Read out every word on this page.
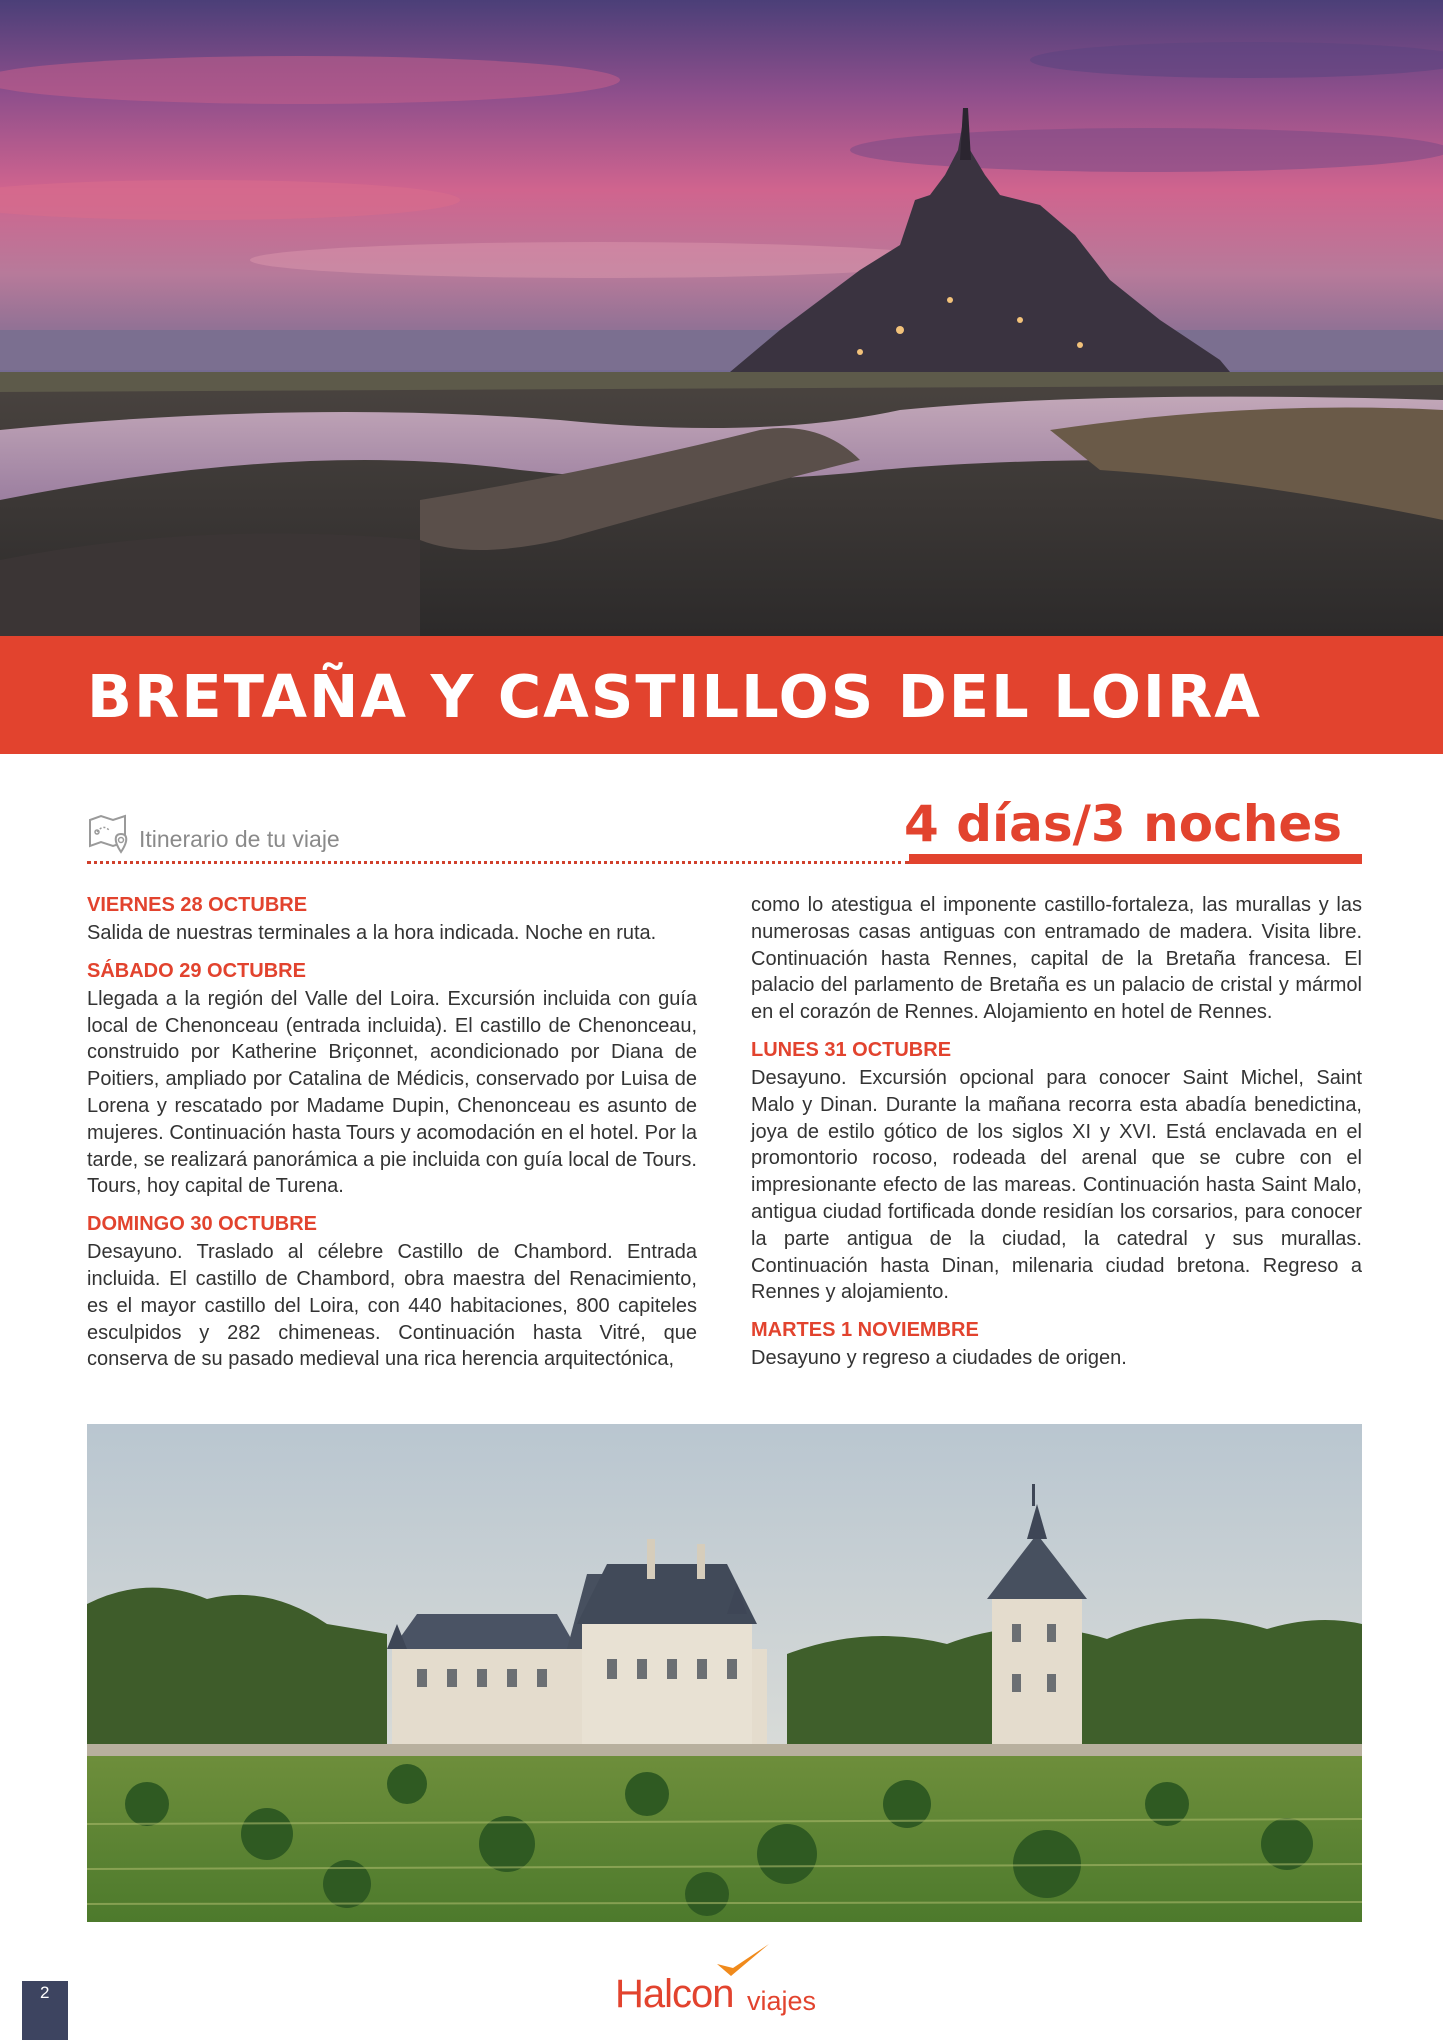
BRETAÑA Y CASTILLOS DEL LOIRA
Itinerario de tu viaje	4 días/3 noches
VIERNES 28 OCTUBRE

Salida de nuestras terminales a la hora indicada. Noche en ruta.

SÁBADO 29 OCTUBRE

Llegada a la región del Valle del Loira. Excursión incluida con guía local de Chenonceau (entrada incluida). El castillo de Chenonceau, construido por Katherine Briçonnet, acondicionado por Diana de Poitiers, ampliado por Catalina de Médicis, conservado por Luisa de Lorena y rescatado por Madame Dupin, Chenonceau es asunto de mujeres. Continuación hasta Tours y acomodación en el hotel. Por la tarde, se realizará panorámica a pie incluida con guía local de Tours. Tours, hoy capital de Turena.

DOMINGO 30 OCTUBRE

Desayuno. Traslado al célebre Castillo de Chambord. Entrada incluida. El castillo de Chambord, obra maestra del Renacimiento, es el mayor castillo del Loira, con 440 habitaciones, 800 capiteles esculpidos y 282 chimeneas. Continuación hasta Vitré, que conserva de su pasado medieval una rica herencia arquitectónica,

como lo atestigua el imponente castillo-fortaleza, las murallas y las numerosas casas antiguas con entramado de madera. Visita libre. Continuación hasta Rennes, capital de la Bretaña francesa. El palacio del parlamento de Bretaña es un palacio de cristal y mármol en el corazón de Rennes. Alojamiento en hotel de Rennes.

LUNES 31 OCTUBRE

Desayuno. Excursión opcional para conocer Saint Michel, Saint Malo y Dinan. Durante la mañana recorra esta abadía benedictina, joya de estilo gótico de los siglos XI y XVI. Está enclavada en el promontorio rocoso, rodeada del arenal que se cubre con el impresionante efecto de las mareas. Continuación hasta Saint Malo, antigua ciudad fortificada donde residían los corsarios, para conocer la parte antigua de la ciudad, la catedral y sus murallas. Continuación hasta Dinan, milenaria ciudad bretona. Regreso a Rennes y alojamiento.

MARTES 1 NOVIEMBRE

Desayuno y regreso a ciudades de origen.

2	Halcon viajes
